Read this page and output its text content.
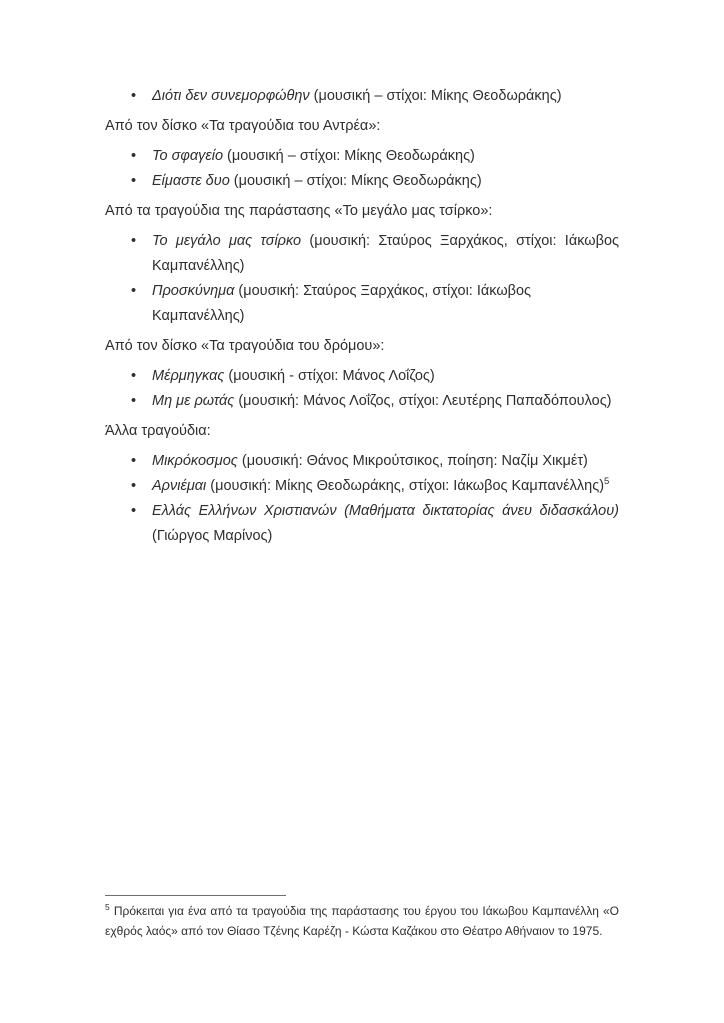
• Διότι δεν συνεμορφώθην (μουσική – στίχοι: Μίκης Θεοδωράκης)

Από τον δίσκο «Τα τραγούδια του Αντρέα»:

• Το σφαγείο (μουσική – στίχοι: Μίκης Θεοδωράκης)
• Είμαστε δυο (μουσική – στίχοι: Μίκης Θεοδωράκης)

Από τα τραγούδια της παράστασης «Το μεγάλο μας τσίρκο»:

• Το μεγάλο μας τσίρκο (μουσική: Σταύρος Ξαρχάκος, στίχοι: Ιάκωβος Καμπανέλλης)
• Προσκύνημα (μουσική: Σταύρος Ξαρχάκος, στίχοι: Ιάκωβος Καμπανέλλης)

Από τον δίσκο «Τα τραγούδια του δρόμου»:

• Μέρμηγκας (μουσική - στίχοι: Μάνος Λοΐζος)
• Μη με ρωτάς (μουσική: Μάνος Λοΐζος, στίχοι: Λευτέρης Παπαδόπουλος)

Άλλα τραγούδια:

• Μικρόκοσμος (μουσική: Θάνος Μικρούτσικος, ποίηση: Ναζίμ Χικμέτ)
• Αρνιέμαι (μουσική: Μίκης Θεοδωράκης, στίχοι: Ιάκωβος Καμπανέλλης)$^5$
• Ελλάς Ελλήνων Χριστιανών (Μαθήματα δικτατορίας άνευ διδασκάλου) (Γιώργος Μαρίνος)

$^5$ Πρόκειται για ένα από τα τραγούδια της παράστασης του έργου του Ιάκωβου Καμπανέλλη «Ο εχθρός λαός» από τον Θίασο Τζένης Καρέζη - Κώστα Καζάκου στο Θέατρο Αθήναιον το 1975.
